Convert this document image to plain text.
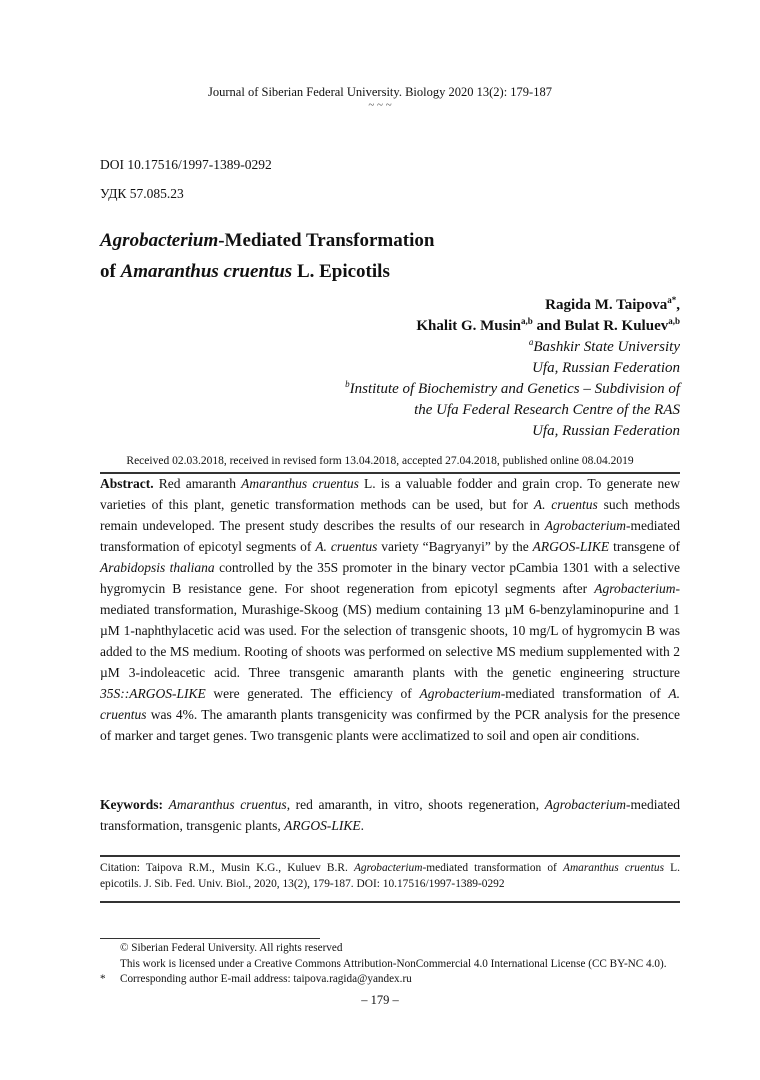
Journal of Siberian Federal University. Biology 2020 13(2): 179-187
~ ~ ~
DOI 10.17516/1997-1389-0292
УДК 57.085.23
Agrobacterium-Mediated Transformation
of Amaranthus cruentus L. Epicotils
Ragida M. Taipova$^{a*}$,
Khalit G. Musin$^{a,b}$ and Bulat R. Kuluev$^{a,b}$
$^a$Bashkir State University
Ufa, Russian Federation
$^b$Institute of Biochemistry and Genetics – Subdivision of
the Ufa Federal Research Centre of the RAS
Ufa, Russian Federation
Received 02.03.2018, received in revised form 13.04.2018, accepted 27.04.2018, published online 08.04.2019
Abstract. Red amaranth Amaranthus cruentus L. is a valuable fodder and grain crop. To generate new varieties of this plant, genetic transformation methods can be used, but for A. cruentus such methods remain undeveloped. The present study describes the results of our research in Agrobacterium-mediated transformation of epicotyl segments of A. cruentus variety “Bagryanyi” by the ARGOS-LIKE transgene of Arabidopsis thaliana controlled by the 35S promoter in the binary vector pCambia 1301 with a selective hygromycin B resistance gene. For shoot regeneration from epicotyl segments after Agrobacterium-mediated transformation, Murashige-Skoog (MS) medium containing 13 µM 6-benzylaminopurine and 1 µM 1-naphthylacetic acid was used. For the selection of transgenic shoots, 10 mg/L of hygromycin B was added to the MS medium. Rooting of shoots was performed on selective MS medium supplemented with 2 µM 3-indoleacetic acid. Three transgenic amaranth plants with the genetic engineering structure 35S::ARGOS-LIKE were generated. The efficiency of Agrobacterium-mediated transformation of A. cruentus was 4%. The amaranth plants transgenicity was confirmed by the PCR analysis for the presence of marker and target genes. Two transgenic plants were acclimatized to soil and open air conditions.
Keywords: Amaranthus cruentus, red amaranth, in vitro, shoots regeneration, Agrobacterium-mediated transformation, transgenic plants, ARGOS-LIKE.
Citation: Taipova R.M., Musin K.G., Kuluev B.R. Agrobacterium-mediated transformation of Amaranthus cruentus L. epicotils. J. Sib. Fed. Univ. Biol., 2020, 13(2), 179-187. DOI: 10.17516/1997-1389-0292
© Siberian Federal University. All rights reserved
This work is licensed under a Creative Commons Attribution-NonCommercial 4.0 International License (CC BY-NC 4.0).
* Corresponding author E-mail address: taipova.ragida@yandex.ru
– 179 –
